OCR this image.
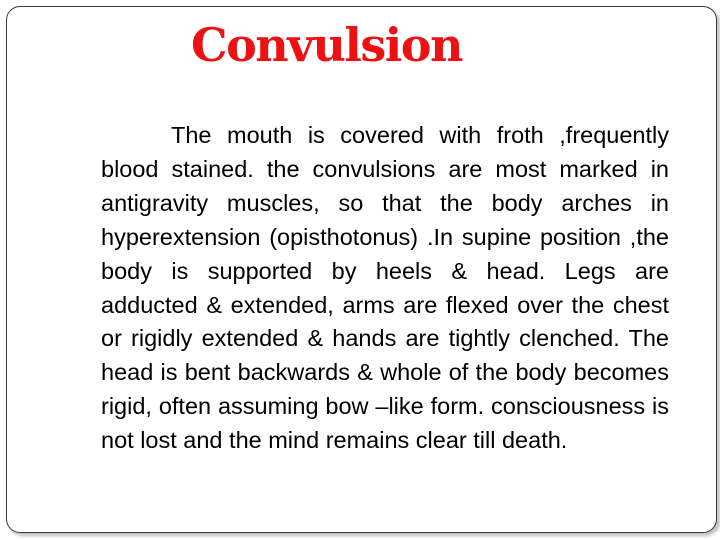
Convulsion

The mouth is covered with froth ,frequently blood stained. the convulsions are most marked in antigravity muscles, so that the body arches in hyperextension (opisthotonus) .In supine position ,the body is supported by heels & head. Legs are adducted & extended, arms are flexed over the chest or rigidly extended & hands are tightly clenched. The head is bent backwards & whole of the body becomes rigid, often assuming bow –like form. consciousness is not lost and the mind remains clear till death.
